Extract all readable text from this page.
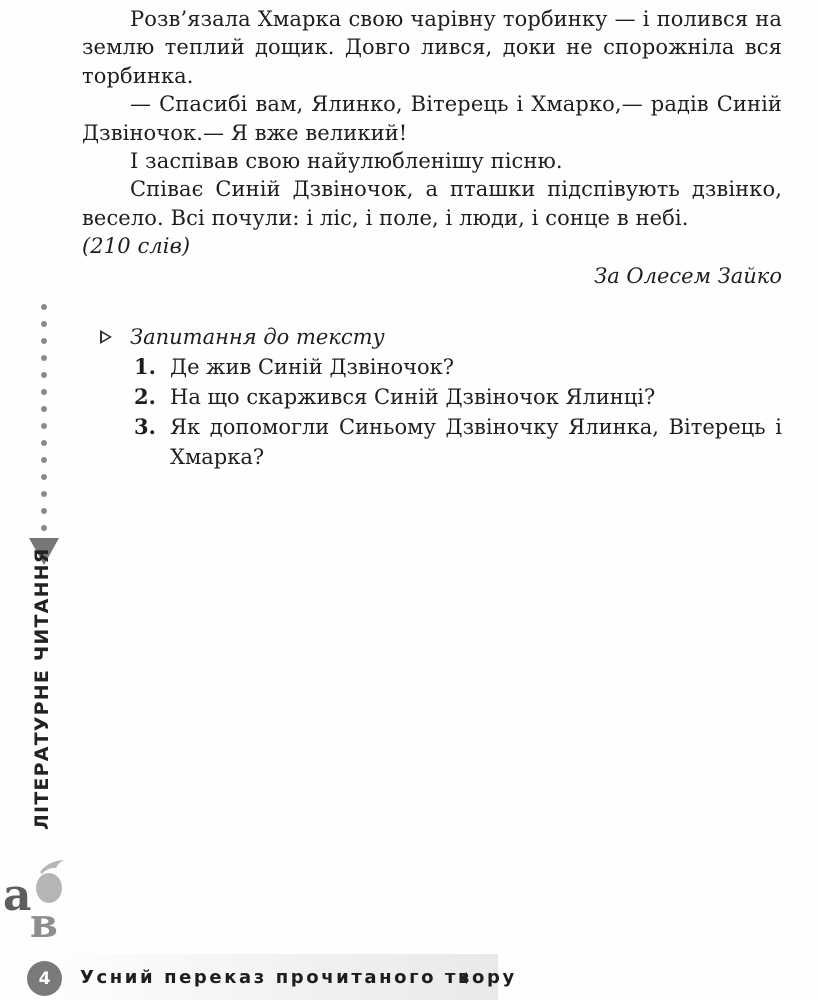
Розв’язала Хмарка свою чарівну торбинку — і полився на землю теплий дощик. Довго лився, доки не спорожніла вся торбинка.

— Спасибі вам, Ялинко, Вітерець і Хмарко,— радів Синій Дзвіночок.— Я вже великий!

І заспівав свою найулюбленішу пісню.

Співає Синій Дзвіночок, а пташки підспівують дзвінко, весело. Всі почули: і ліс, і поле, і люди, і сонце в небі.

(210 слів)

За Олесем Зайко
Запитання до тексту
1. Де жив Синій Дзвіночок?
2. На що скаржився Синій Дзвіночок Ялинці?
3. Як допомогли Синьому Дзвіночку Ялинка, Вітерець і Хмарка?
ЛІТЕРАТУРНЕ ЧИТАННЯ
а
в
4	Усний переказ прочитаного твору
